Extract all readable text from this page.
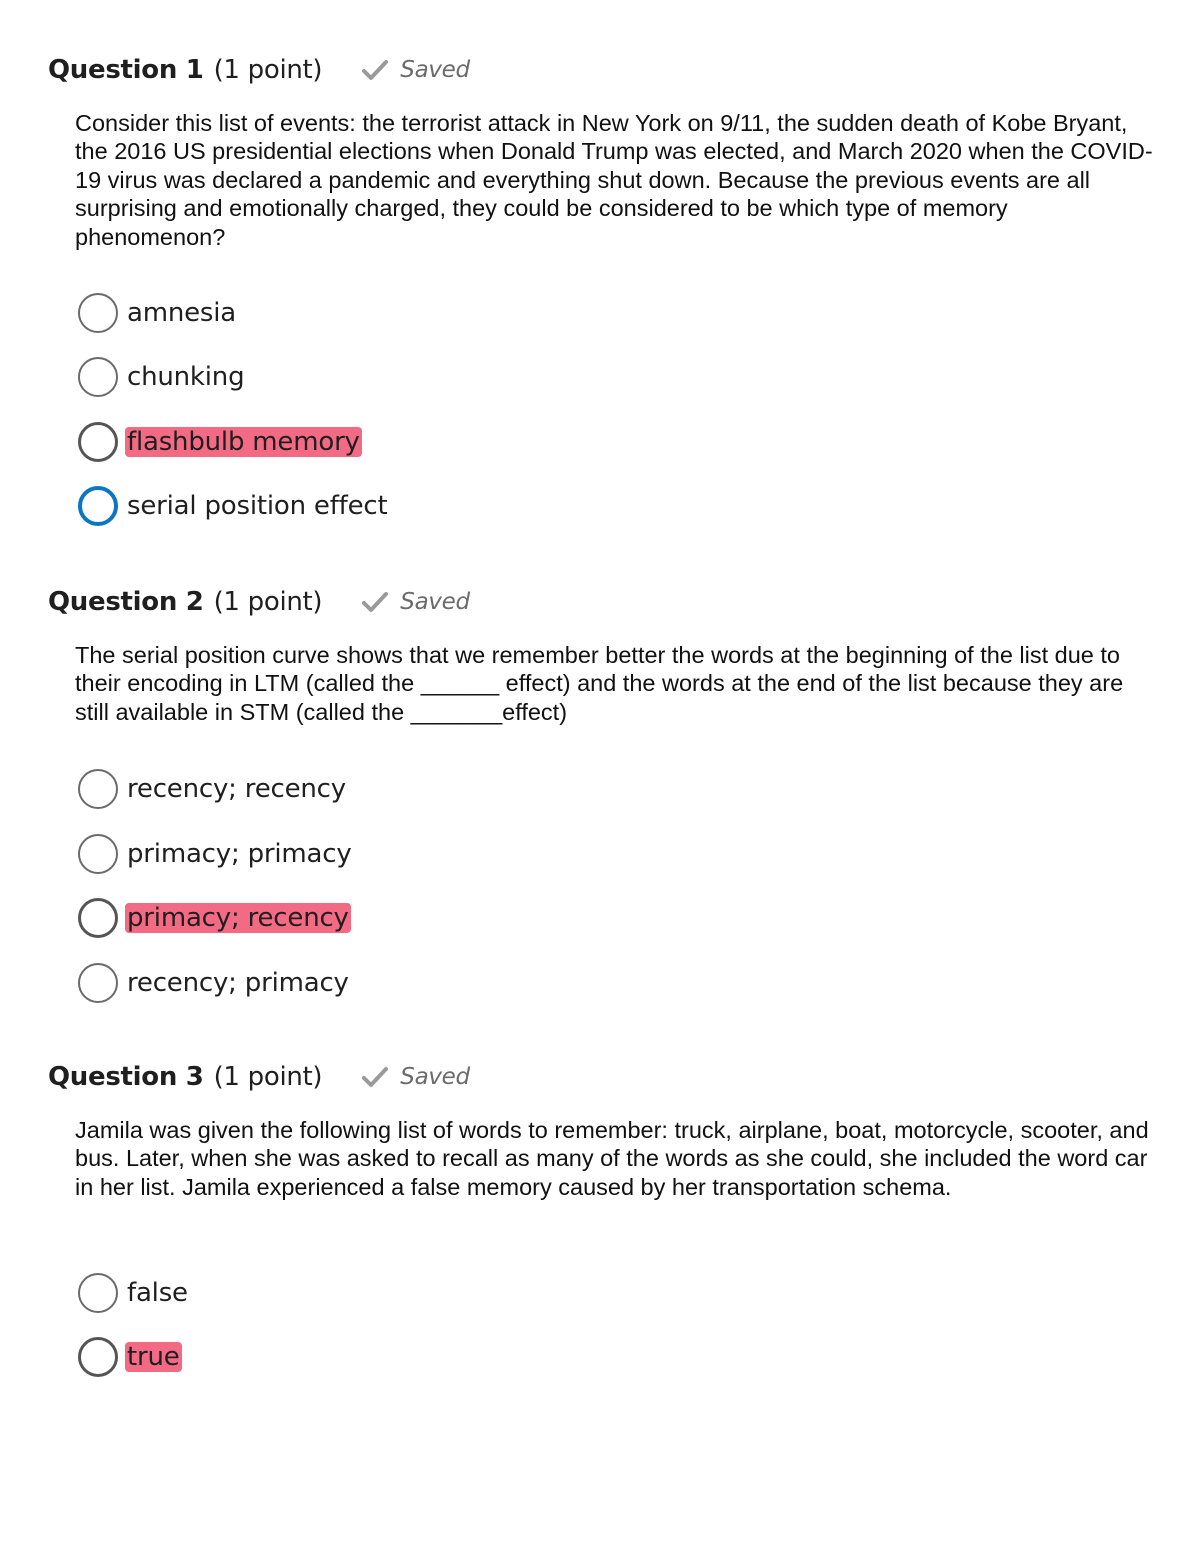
Question 1 (1 point)	Saved

Consider this list of events: the terrorist attack in New York on 9/11, the sudden death of Kobe Bryant, the 2016 US presidential elections when Donald Trump was elected, and March 2020 when the COVID-19 virus was declared a pandemic and everything shut down. Because the previous events are all surprising and emotionally charged, they could be considered to be which type of memory phenomenon?

amnesia
chunking
flashbulb memory
serial position effect
Question 2 (1 point)	Saved

The serial position curve shows that we remember better the words at the beginning of the list due to their encoding in LTM (called the ______ effect) and the words at the end of the list because they are still available in STM (called the _______effect)

recency; recency
primacy; primacy
primacy; recency
recency; primacy
Question 3 (1 point)	Saved

Jamila was given the following list of words to remember: truck, airplane, boat, motorcycle, scooter, and bus. Later, when she was asked to recall as many of the words as she could, she included the word car in her list. Jamila experienced a false memory caused by her transportation schema.

false
true
